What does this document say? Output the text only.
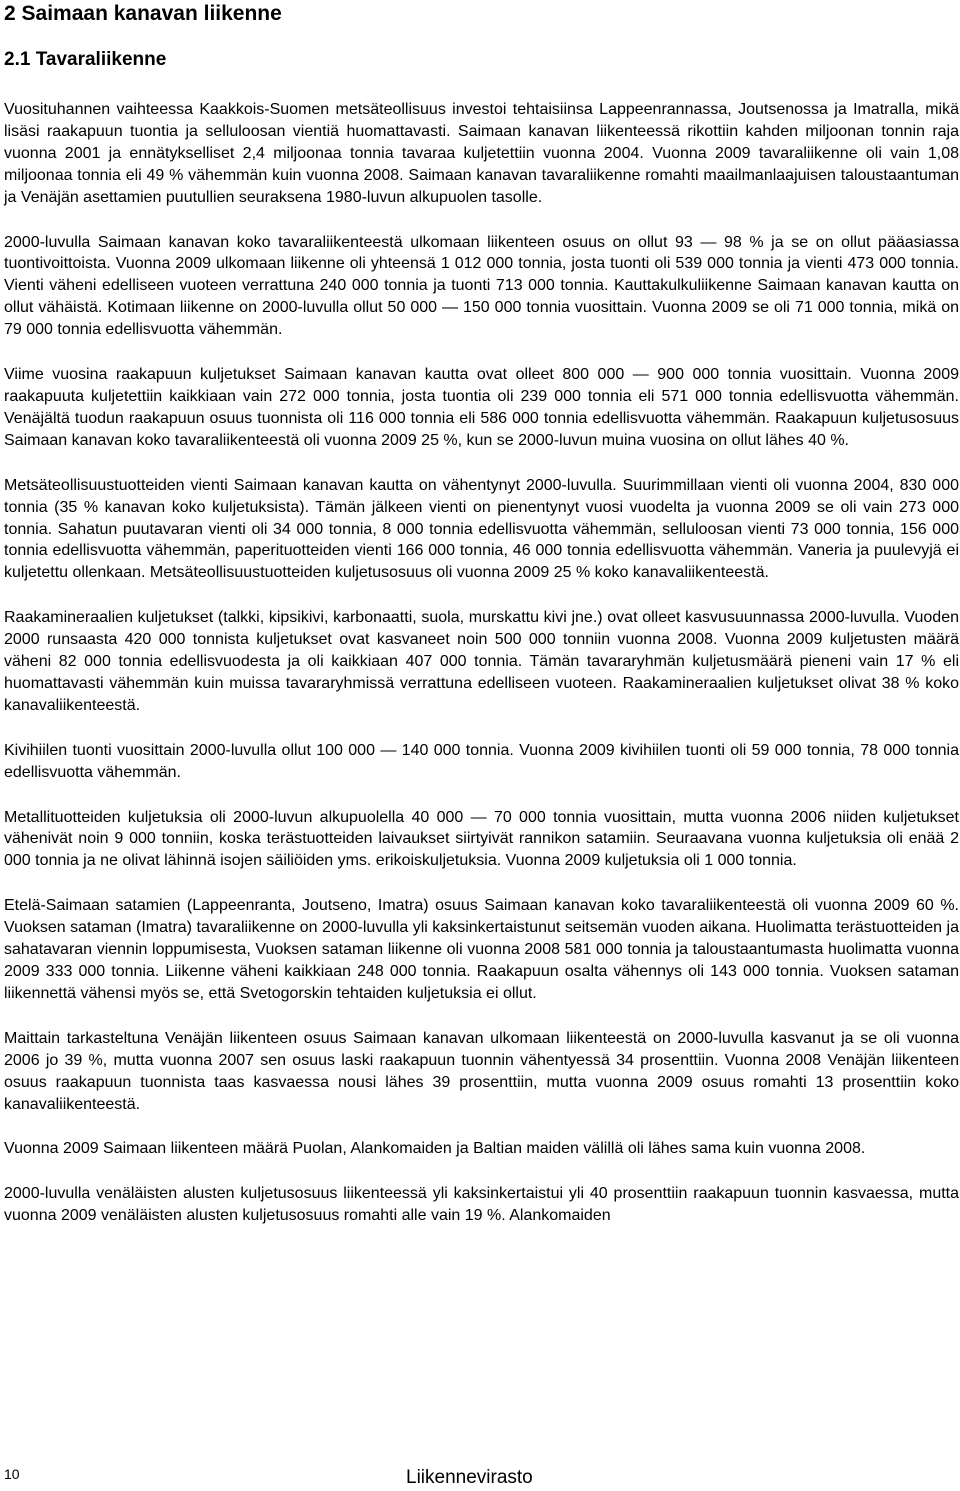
2 Saimaan kanavan liikenne
2.1 Tavaraliikenne

Vuosituhannen vaihteessa Kaakkois-Suomen metsäteollisuus investoi tehtaisiinsa Lappeenrannassa, Joutsenossa ja Imatralla, mikä lisäsi raakapuun tuontia ja selluloosan vientiä huomattavasti. Saimaan kanavan liikenteessä rikottiin kahden miljoonan tonnin raja vuonna 2001 ja ennätykselliset 2,4 miljoonaa tonnia tavaraa kuljetettiin vuonna 2004. Vuonna 2009 tavaraliikenne oli vain 1,08 miljoonaa tonnia eli 49 % vähemmän kuin vuonna 2008. Saimaan kanavan tavaraliikenne romahti maailmanlaajuisen taloustaantuman ja Venäjän asettamien puutullien seuraksena 1980-luvun alkupuolen tasolle.

2000-luvulla Saimaan kanavan koko tavaraliikenteestä ulkomaan liikenteen osuus on ollut 93 — 98 % ja se on ollut pääasiassa tuontivoittoista. Vuonna 2009 ulkomaan liikenne oli yhteensä 1 012 000 tonnia, josta tuonti oli 539 000 tonnia ja vienti 473 000 tonnia. Vienti väheni edelliseen vuoteen verrattuna 240 000 tonnia ja tuonti 713 000 tonnia. Kauttakulkuliikenne Saimaan kanavan kautta on ollut vähäistä. Kotimaan liikenne on 2000-luvulla ollut 50 000 — 150 000 tonnia vuosittain. Vuonna 2009 se oli 71 000 tonnia, mikä on 79 000 tonnia edellisvuotta vähemmän.

Viime vuosina raakapuun kuljetukset Saimaan kanavan kautta ovat olleet 800 000 — 900 000 tonnia vuosittain. Vuonna 2009 raakapuuta kuljetettiin kaikkiaan vain 272 000 tonnia, josta tuontia oli 239 000 tonnia eli 571 000 tonnia edellisvuotta vähemmän. Venäjältä tuodun raakapuun osuus tuonnista oli 116 000 tonnia eli 586 000 tonnia edellisvuotta vähemmän. Raakapuun kuljetusosuus Saimaan kanavan koko tavaraliikenteestä oli vuonna 2009 25 %, kun se 2000-luvun muina vuosina on ollut lähes 40 %.

Metsäteollisuustuotteiden vienti Saimaan kanavan kautta on vähentynyt 2000-luvulla. Suurimmillaan vienti oli vuonna 2004, 830 000 tonnia (35 % kanavan koko kuljetuksista). Tämän jälkeen vienti on pienentynyt vuosi vuodelta ja vuonna 2009 se oli vain 273 000 tonnia. Sahatun puutavaran vienti oli 34 000 tonnia, 8 000 tonnia edellisvuotta vähemmän, selluloosan vienti 73 000 tonnia, 156 000 tonnia edellisvuotta vähemmän, paperituotteiden vienti 166 000 tonnia, 46 000 tonnia edellisvuotta vähemmän. Vaneria ja puulevyjä ei kuljetettu ollenkaan. Metsäteollisuustuotteiden kuljetusosuus oli vuonna 2009 25 % koko kanavaliikenteestä.

Raakamineraalien kuljetukset (talkki, kipsikivi, karbonaatti, suola, murskattu kivi jne.) ovat olleet kasvusuunnassa 2000-luvulla. Vuoden 2000 runsaasta 420 000 tonnista kuljetukset ovat kasvaneet noin 500 000 tonniin vuonna 2008. Vuonna 2009 kuljetusten määrä väheni 82 000 tonnia edellisvuodesta ja oli kaikkiaan 407 000 tonnia. Tämän tavararyhmän kuljetusmäärä pieneni vain 17 % eli huomattavasti vähemmän kuin muissa tavararyhmissä verrattuna edelliseen vuoteen. Raakamineraalien kuljetukset olivat 38 % koko kanavaliikenteestä.

Kivihiilen tuonti vuosittain 2000-luvulla ollut 100 000 — 140 000 tonnia. Vuonna 2009 kivihiilen tuonti oli 59 000 tonnia, 78 000 tonnia edellisvuotta vähemmän.

Metallituotteiden kuljetuksia oli 2000-luvun alkupuolella 40 000 — 70 000 tonnia vuosittain, mutta vuonna 2006 niiden kuljetukset vähenivät noin 9 000 tonniin, koska terästuotteiden laivaukset siirtyivät rannikon satamiin. Seuraavana vuonna kuljetuksia oli enää 2 000 tonnia ja ne olivat lähinnä isojen säiliöiden yms. erikoiskuljetuksia. Vuonna 2009 kuljetuksia oli 1 000 tonnia.

Etelä-Saimaan satamien (Lappeenranta, Joutseno, Imatra) osuus Saimaan kanavan koko tavaraliikenteestä oli vuonna 2009 60 %. Vuoksen sataman (Imatra) tavaraliikenne on 2000-luvulla yli kaksinkertaistunut seitsemän vuoden aikana. Huolimatta terästuotteiden ja sahatavaran viennin loppumisesta, Vuoksen sataman liikenne oli vuonna 2008 581 000 tonnia ja taloustaantumasta huolimatta vuonna 2009 333 000 tonnia. Liikenne väheni kaikkiaan 248 000 tonnia. Raakapuun osalta vähennys oli 143 000 tonnia. Vuoksen sataman liikennettä vähensi myös se, että Svetogorskin tehtaiden kuljetuksia ei ollut.

Maittain tarkasteltuna Venäjän liikenteen osuus Saimaan kanavan ulkomaan liikenteestä on 2000-luvulla kasvanut ja se oli vuonna 2006 jo 39 %, mutta vuonna 2007 sen osuus laski raakapuun tuonnin vähentyessä 34 prosenttiin. Vuonna 2008 Venäjän liikenteen osuus raakapuun tuonnista taas kasvaessa nousi lähes 39 prosenttiin, mutta vuonna 2009 osuus romahti 13 prosenttiin koko kanavaliikenteestä.

Vuonna 2009 Saimaan liikenteen määrä Puolan, Alankomaiden ja Baltian maiden välillä oli lähes sama kuin vuonna 2008.

2000-luvulla venäläisten alusten kuljetusosuus liikenteessä yli kaksinkertaistui yli 40 prosenttiin raakapuun tuonnin kasvaessa, mutta vuonna 2009 venäläisten alusten kuljetusosuus romahti alle vain 19 %. Alankomaiden

10	Liikennevirasto
